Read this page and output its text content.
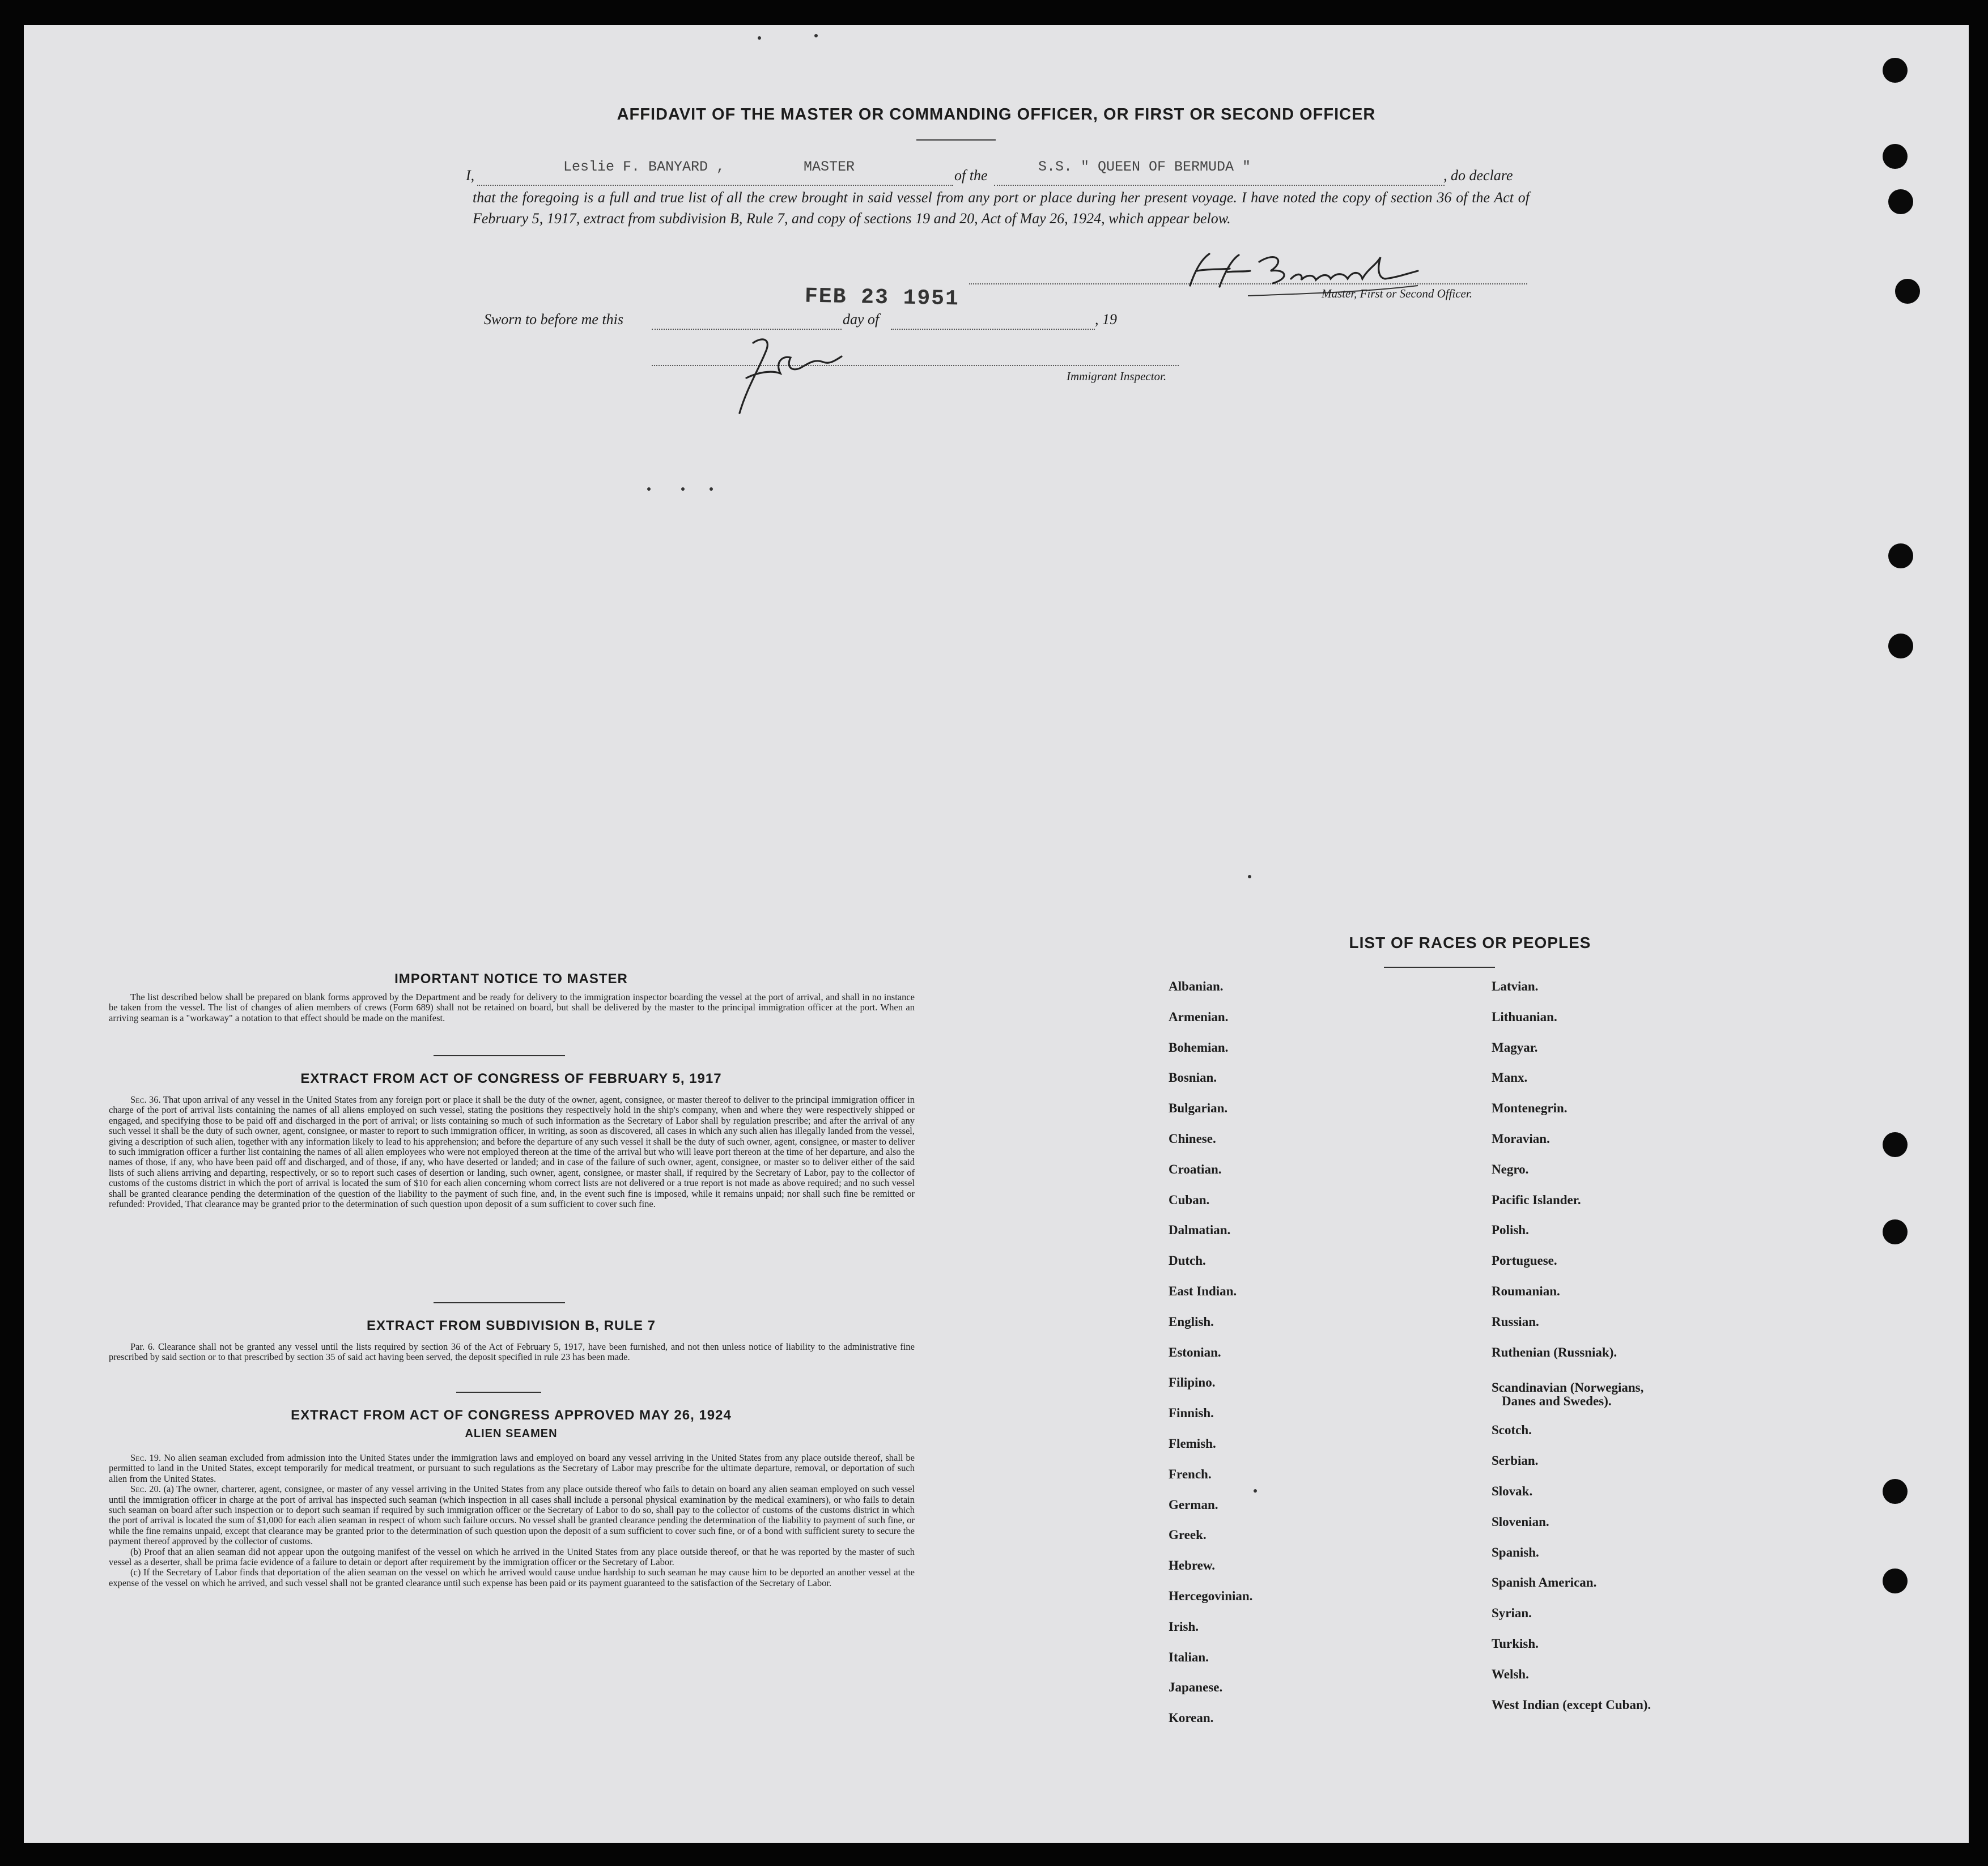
AFFIDAVIT OF THE MASTER OR COMMANDING OFFICER, OR FIRST OR SECOND OFFICER
I,
Leslie F. BANYARD ,	MASTER
of the
S.S. " QUEEN OF BERMUDA "
, do declare
that the foregoing is a full and true list of all the crew brought in said vessel from any port or place during her present voyage. I have noted the copy of section 36 of the Act of February 5, 1917, extract from subdivision B, Rule 7, and copy of sections 19 and 20, Act of May 26, 1924, which appear below.
Master, First or Second Officer.
FEB 23 1951
Sworn to before me this	day of	, 19
Immigrant Inspector.
IMPORTANT NOTICE TO MASTER

The list described below shall be prepared on blank forms approved by the Department and be ready for delivery to the immigration inspector boarding the vessel at the port of arrival, and shall in no instance be taken from the vessel. The list of changes of alien members of crews (Form 689) shall not be retained on board, but shall be delivered by the master to the principal immigration officer at the port. When an arriving seaman is a "workaway" a notation to that effect should be made on the manifest.

EXTRACT FROM ACT OF CONGRESS OF FEBRUARY 5, 1917

Sec. 36. That upon arrival of any vessel in the United States from any foreign port or place it shall be the duty of the owner, agent, consignee, or master thereof to deliver to the principal immigration officer in charge of the port of arrival lists containing the names of all aliens employed on such vessel, stating the positions they respectively hold in the ship's company, when and where they were respectively shipped or engaged, and specifying those to be paid off and discharged in the port of arrival; or lists containing so much of such information as the Secretary of Labor shall by regulation prescribe; and after the arrival of any such vessel it shall be the duty of such owner, agent, consignee, or master to report to such immigration officer, in writing, as soon as discovered, all cases in which any such alien has illegally landed from the vessel, giving a description of such alien, together with any information likely to lead to his apprehension; and before the departure of any such vessel it shall be the duty of such owner, agent, consignee, or master to deliver to such immigration officer a further list containing the names of all alien employees who were not employed thereon at the time of the arrival but who will leave port thereon at the time of her departure, and also the names of those, if any, who have been paid off and discharged, and of those, if any, who have deserted or landed; and in case of the failure of such owner, agent, consignee, or master so to deliver either of the said lists of such aliens arriving and departing, respectively, or so to report such cases of desertion or landing, such owner, agent, consignee, or master shall, if required by the Secretary of Labor, pay to the collector of customs of the customs district in which the port of arrival is located the sum of $10 for each alien concerning whom correct lists are not delivered or a true report is not made as above required; and no such vessel shall be granted clearance pending the determination of the question of the liability to the payment of such fine, and, in the event such fine is imposed, while it remains unpaid; nor shall such fine be remitted or refunded: Provided, That clearance may be granted prior to the determination of such question upon deposit of a sum sufficient to cover such fine.

EXTRACT FROM SUBDIVISION B, RULE 7

Par. 6. Clearance shall not be granted any vessel until the lists required by section 36 of the Act of February 5, 1917, have been furnished, and not then unless notice of liability to the administrative fine prescribed by said section or to that prescribed by section 35 of said act having been served, the deposit specified in rule 23 has been made.

EXTRACT FROM ACT OF CONGRESS APPROVED MAY 26, 1924
ALIEN SEAMEN

Sec. 19. No alien seaman excluded from admission into the United States under the immigration laws and employed on board any vessel arriving in the United States from any place outside thereof, shall be permitted to land in the United States, except temporarily for medical treatment, or pursuant to such regulations as the Secretary of Labor may prescribe for the ultimate departure, removal, or deportation of such alien from the United States.

Sec. 20. (a) The owner, charterer, agent, consignee, or master of any vessel arriving in the United States from any place outside thereof who fails to detain on board any alien seaman employed on such vessel until the immigration officer in charge at the port of arrival has inspected such seaman (which inspection in all cases shall include a personal physical examination by the medical examiners), or who fails to detain such seaman on board after such inspection or to deport such seaman if required by such immigration officer or the Secretary of Labor to do so, shall pay to the collector of customs of the customs district in which the port of arrival is located the sum of $1,000 for each alien seaman in respect of whom such failure occurs. No vessel shall be granted clearance pending the determination of the liability to payment of such fine, or while the fine remains unpaid, except that clearance may be granted prior to the determination of such question upon the deposit of a sum sufficient to cover such fine, or of a bond with sufficient surety to secure the payment thereof approved by the collector of customs.

(b) Proof that an alien seaman did not appear upon the outgoing manifest of the vessel on which he arrived in the United States from any place outside thereof, or that he was reported by the master of such vessel as a deserter, shall be prima facie evidence of a failure to detain or deport after requirement by the immigration officer or the Secretary of Labor.

(c) If the Secretary of Labor finds that deportation of the alien seaman on the vessel on which he arrived would cause undue hardship to such seaman he may cause him to be deported an another vessel at the expense of the vessel on which he arrived, and such vessel shall not be granted clearance until such expense has been paid or its payment guaranteed to the satisfaction of the Secretary of Labor.

LIST OF RACES OR PEOPLES
Albanian.
Armenian.
Bohemian.
Bosnian.
Bulgarian.
Chinese.
Croatian.
Cuban.
Dalmatian.
Dutch.
East Indian.
English.
Estonian.
Filipino.
Finnish.
Flemish.
French.
German.
Greek.
Hebrew.
Hercegovinian.
Irish.
Italian.
Japanese.
Korean.
Latvian.
Lithuanian.
Magyar.
Manx.
Montenegrin.
Moravian.
Negro.
Pacific Islander.
Polish.
Portuguese.
Roumanian.
Russian.
Ruthenian (Russniak).
Scandinavian (Norwegians,
Danes and Swedes).
Scotch.
Serbian.
Slovak.
Slovenian.
Spanish.
Spanish American.
Syrian.
Turkish.
Welsh.
West Indian (except Cuban).
